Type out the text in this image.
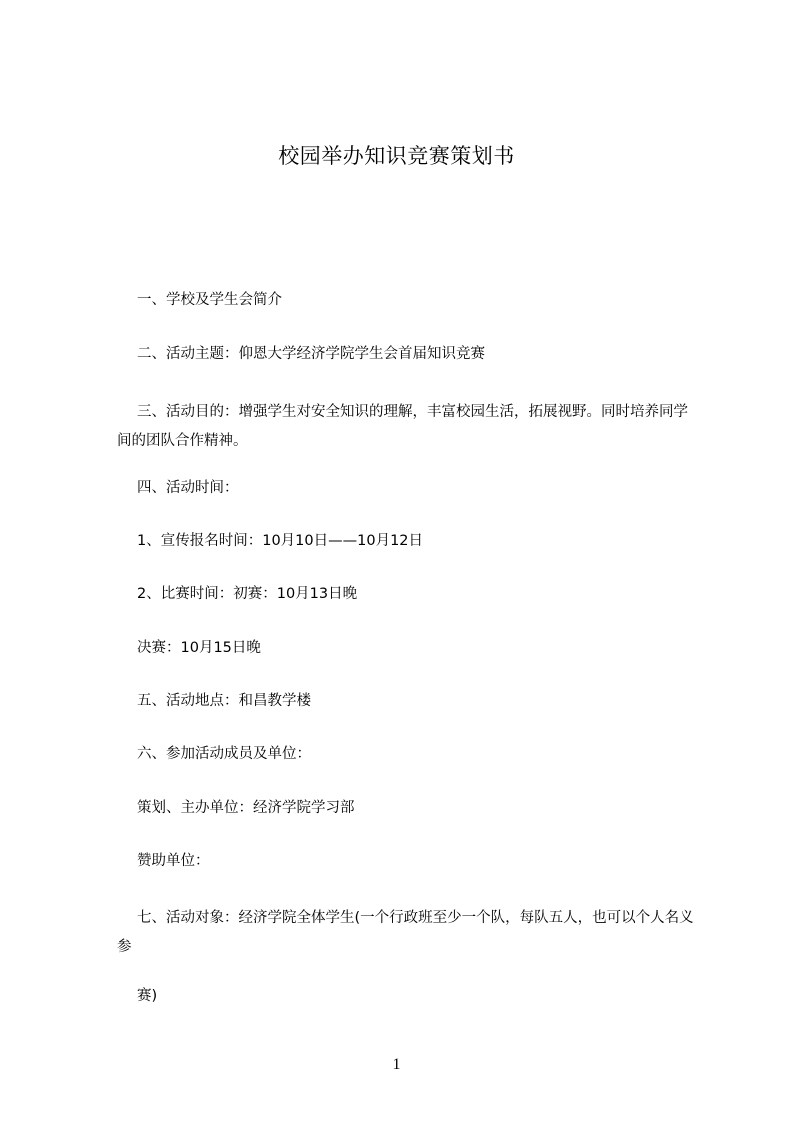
校园举办知识竞赛策划书
一、学校及学生会简介
二、活动主题：仰恩大学经济学院学生会首届知识竞赛
三、活动目的：增强学生对安全知识的理解，丰富校园生活，拓展视野。同时培养同学间的团队合作精神。
四、活动时间：
1、宣传报名时间：10月10日——10月12日
2、比赛时间：初赛：10月13日晚
决赛：10月15日晚
五、活动地点：和昌教学楼
六、参加活动成员及单位：
策划、主办单位：经济学院学习部
赞助单位：
七、活动对象：经济学院全体学生(一个行政班至少一个队，每队五人，也可以个人名义参
赛)
1
